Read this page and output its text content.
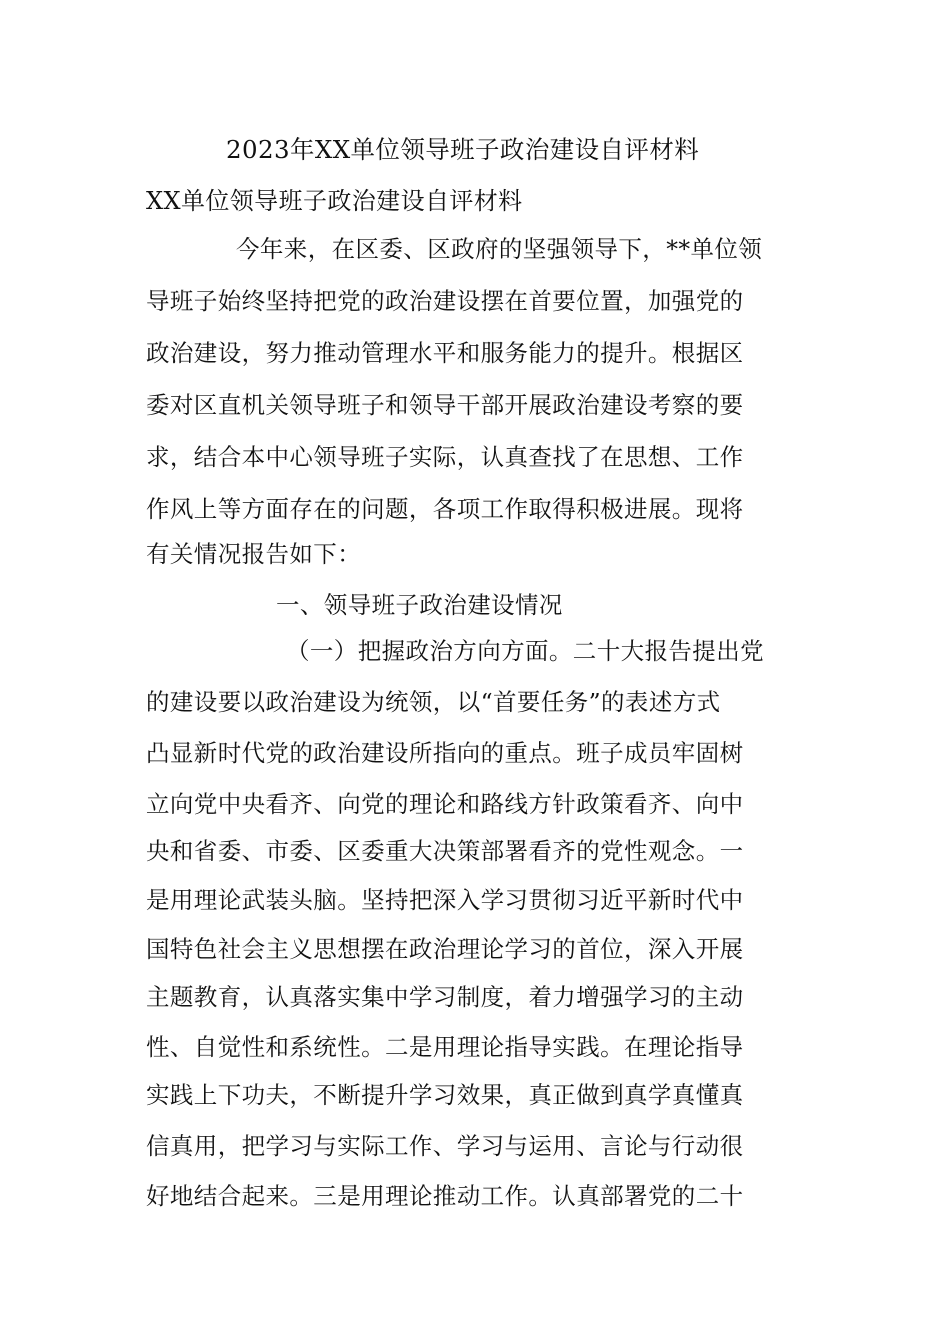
2023年XX单位领导班子政治建设自评材料
XX单位领导班子政治建设自评材料
今年来，在区委、区政府的坚强领导下，**单位领
导班子始终坚持把党的政治建设摆在首要位置，加强党的
政治建设，努力推动管理水平和服务能力的提升。根据区
委对区直机关领导班子和领导干部开展政治建设考察的要
求，结合本中心领导班子实际，认真查找了在思想、工作
作风上等方面存在的问题，各项工作取得积极进展。现将
有关情况报告如下：
一、领导班子政治建设情况
（一）把握政治方向方面。二十大报告提出党
的建设要以政治建设为统领，以“首要任务”的表述方式
凸显新时代党的政治建设所指向的重点。班子成员牢固树
立向党中央看齐、向党的理论和路线方针政策看齐、向中
央和省委、市委、区委重大决策部署看齐的党性观念。一
是用理论武装头脑。坚持把深入学习贯彻习近平新时代中
国特色社会主义思想摆在政治理论学习的首位，深入开展
主题教育，认真落实集中学习制度，着力增强学习的主动
性、自觉性和系统性。二是用理论指导实践。在理论指导
实践上下功夫，不断提升学习效果，真正做到真学真懂真
信真用，把学习与实际工作、学习与运用、言论与行动很
好地结合起来。三是用理论推动工作。认真部署党的二十
